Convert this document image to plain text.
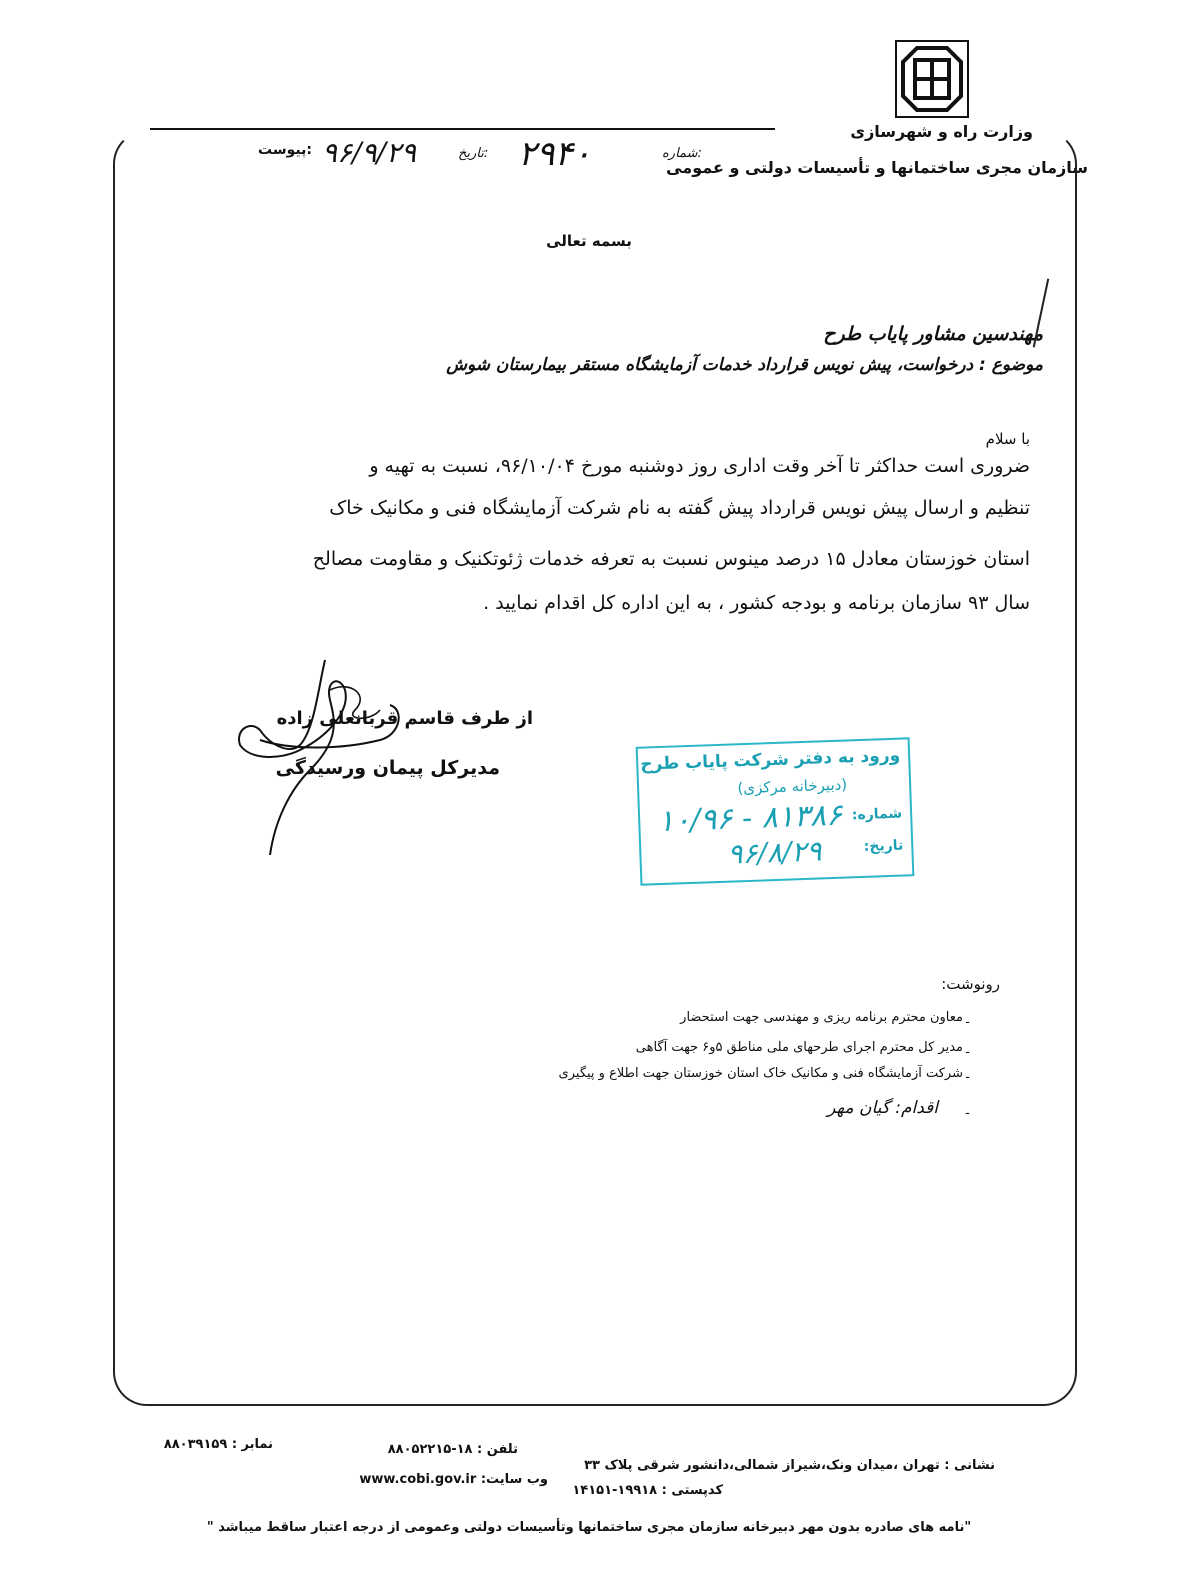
وزارت راه و شهرسازی
سازمان مجری ساختمانها و تأسیسات دولتی و عمومی
پیوست: ۹۶/۹/۲۹	تاریخ: ۲۹۴۰	شماره:
بسمه تعالی
مهندسین مشاور پایاب طرح
موضوع : درخواست، پیش نویس قرارداد خدمات آزمایشگاه مستقر بیمارستان شوش
با سلام
ضروری است حداکثر تا آخر وقت اداری روز دوشنبه مورخ ۹۶/۱۰/۰۴، نسبت به تهیه و
تنظیم و ارسال پیش نویس قرارداد پیش گفته به نام شرکت آزمایشگاه فنی و مکانیک خاک
استان خوزستان معادل ۱۵ درصد مینوس نسبت به تعرفه خدمات ژئوتکنیک و مقاومت مصالح
سال ۹۳ سازمان برنامه و بودجه کشور ، به این اداره کل اقدام نمایید .
از طرف قاسم قربانعلی زاده
مدیرکل پیمان ورسیدگی	ورود به دفتر شرکت پایاب طرح
(دبیرخانه مرکزی)
شماره:
۱۰/۹۶ - ۸۱۳۸۶
تاریخ:
۹۶/۸/۲۹
رونوشت:
-
معاون محترم برنامه ریزی و مهندسی جهت استحضار
-
مدیر کل محترم اجرای طرحهای ملی مناطق ۵و۶ جهت آگاهی
-
شرکت آزمایشگاه فنی و مکانیک خاک استان خوزستان جهت اطلاع و پیگیری
-
اقدام: گیان مهر
نشانی : تهران ،میدان ونک،شیراز شمالی،دانشور شرقی پلاک ۳۳
کدپستی : ۱۹۹۱۸-۱۴۱۵۱
تلفن : ۱۸-۸۸۰۵۲۲۱۵
وب سایت: www.cobi.gov.ir
نمابر : ۸۸۰۳۹۱۵۹
" نامه های صادره بدون مهر دبیرخانه سازمان مجری ساختمانها وتأسیسات دولتی وعمومی از درجه اعتبار ساقط میباشد"
